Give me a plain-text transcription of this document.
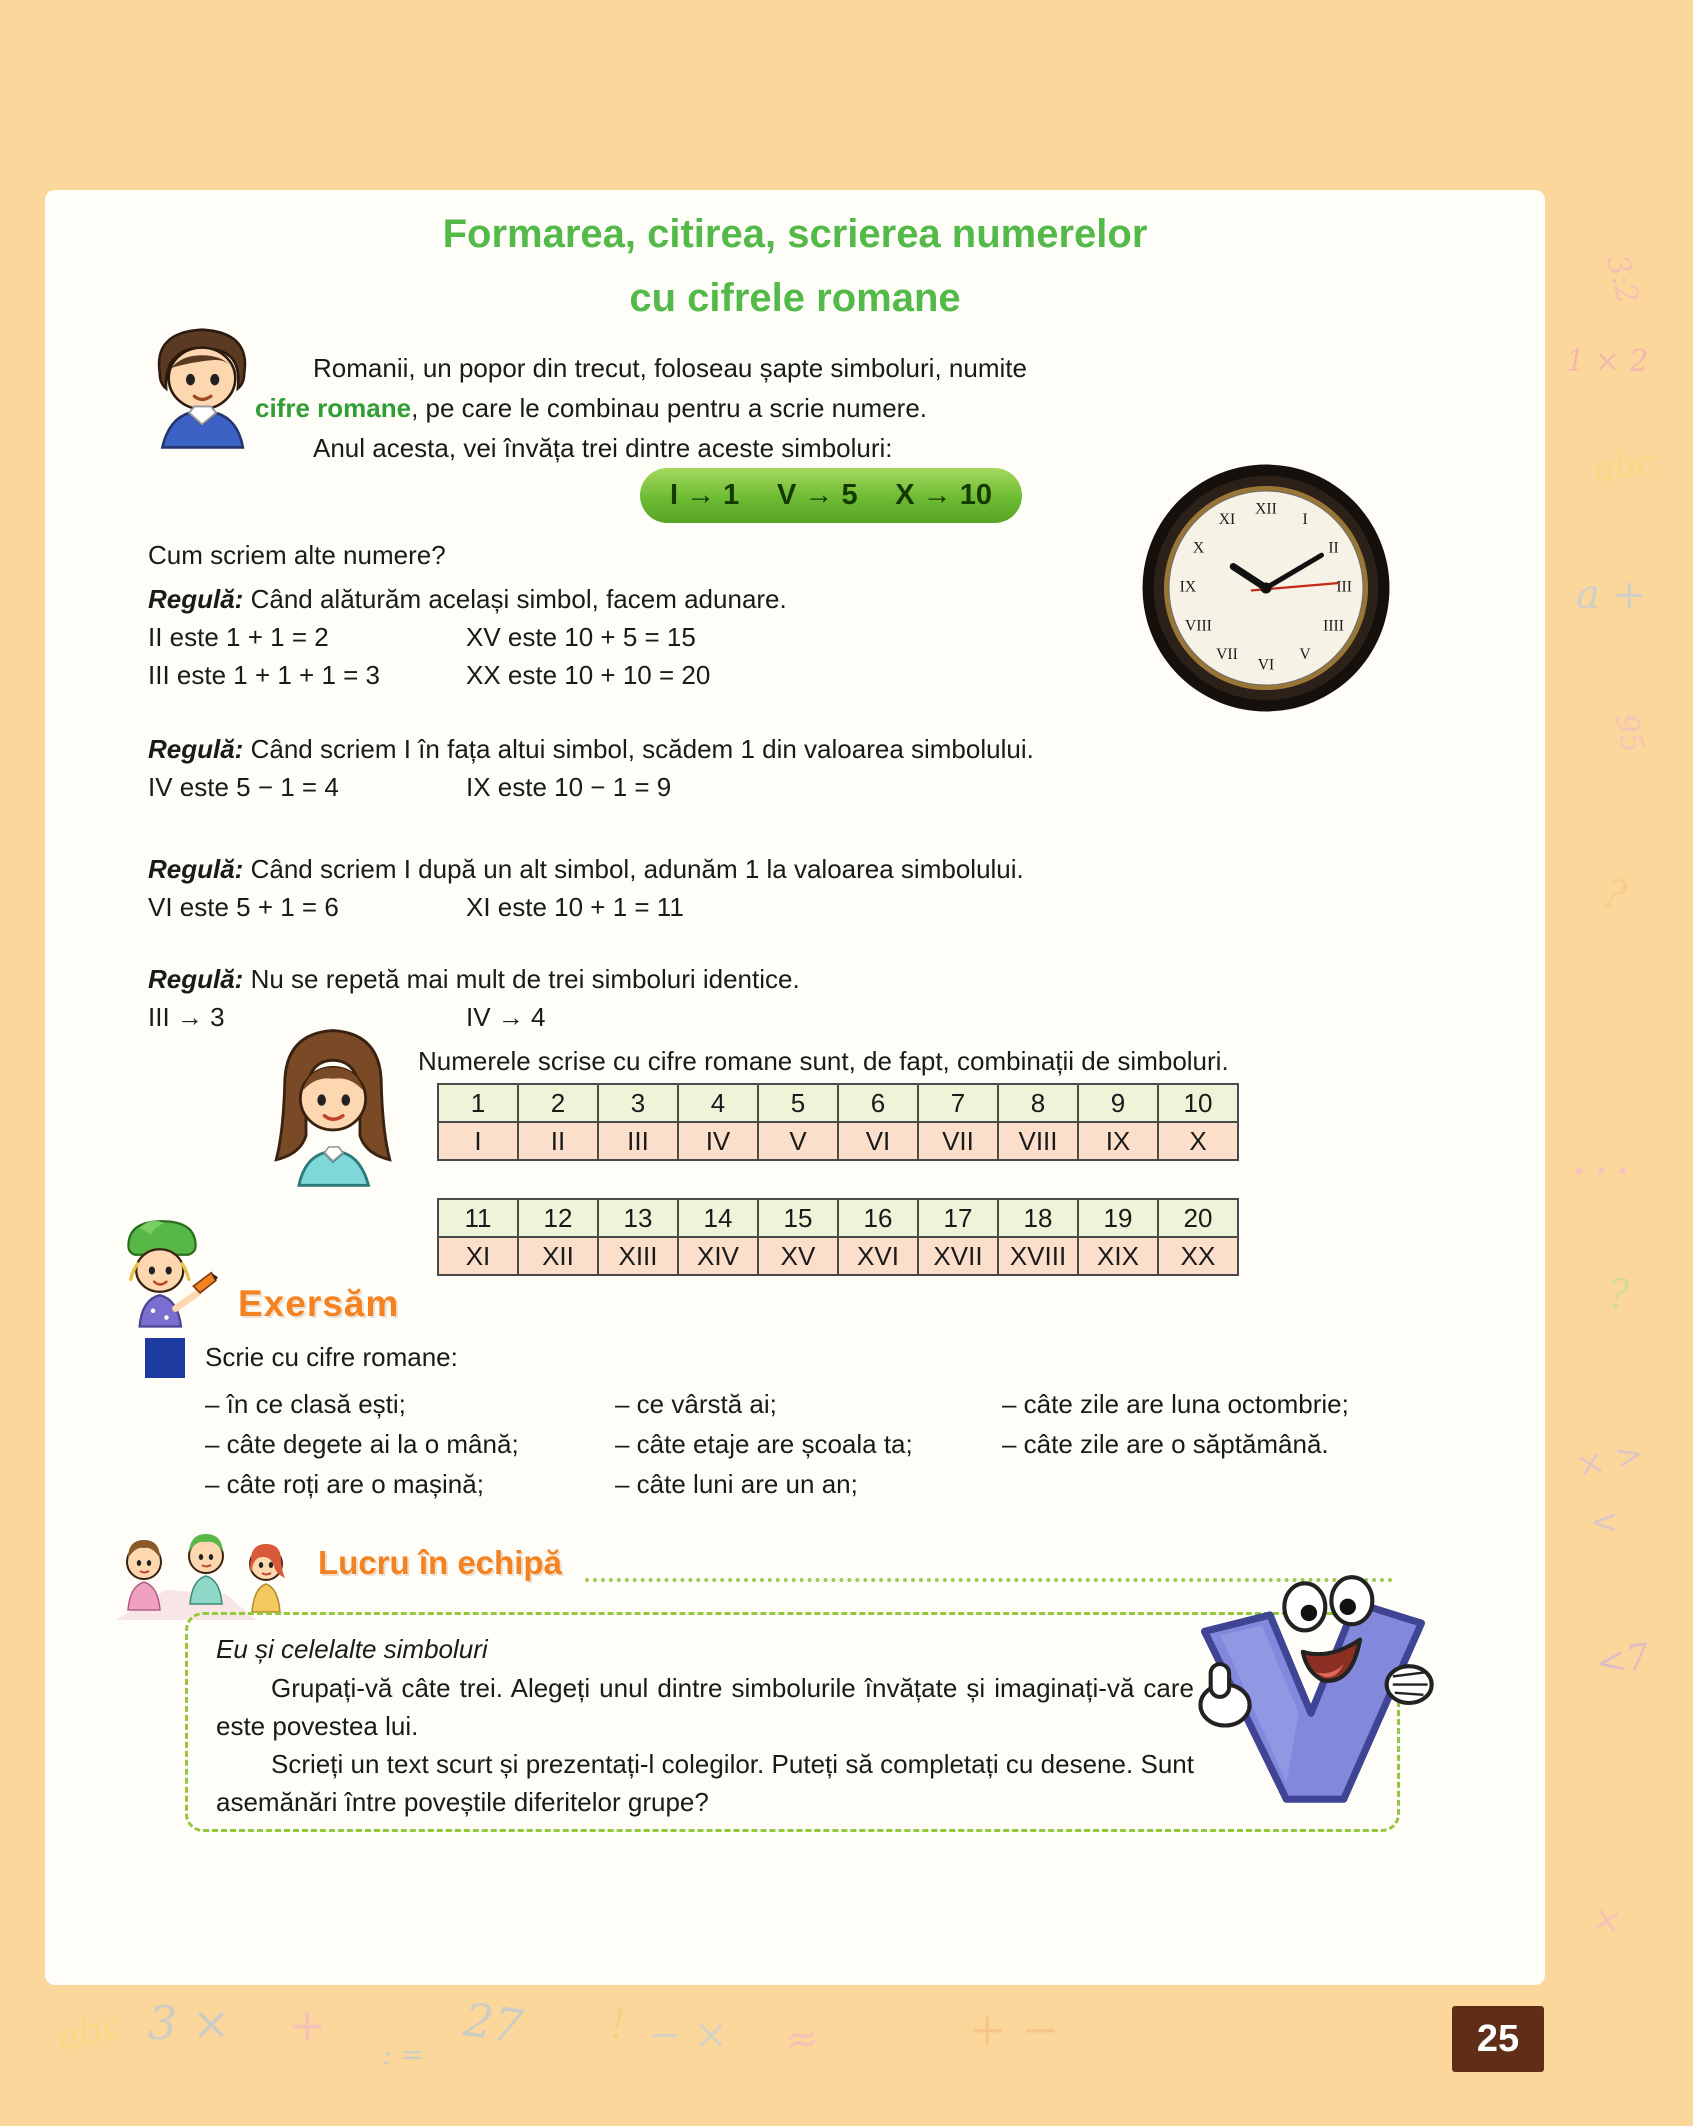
Formarea, citirea, scrierea numerelor
cu cifrele romane

Romanii, un popor din trecut, foloseau șapte simboluri, numite

cifre romane, pe care le combinau pentru a scrie numere.

Anul acesta, vei învăța trei dintre aceste simboluri:

I → 1 V → 5 X → 10	XII
I
II
III
IIII
V
VI
VII
VIII
IX
X
XI

Cum scriem alte numere?

Regulă: Când alăturăm același simbol, facem adunare.

II este 1 + 1 = 2	XV este 10 + 5 = 15

III este 1 + 1 + 1 = 3	XX este 10 + 10 = 20

Regulă: Când scriem I în fața altui simbol, scădem 1 din valoarea simbolului.

IV este 5 − 1 = 4	IX este 10 − 1 = 9

Regulă: Când scriem I după un alt simbol, adunăm 1 la valoarea simbolului.

VI este 5 + 1 = 6	XI este 10 + 1 = 11

Regulă: Nu se repetă mai mult de trei simboluri identice.

III → 3	IV → 4

Numerele scrise cu cifre romane sunt, de fapt, combinații de simboluri.

1	2	3	4	5	6	7	8	9	10
I	II	III	IV	V	VI	VII	VIII	IX	X
11	12	13	14	15	16	17	18	19	20
XI	XII	XIII	XIV	XV	XVI	XVII	XVIII	XIX	XX
Exersăm

Scrie cu cifre romane:

– în ce clasă ești;

– câte degete ai la o mână;

– câte roți are o mașină;

– ce vârstă ai;

– câte etaje are școala ta;

– câte luni are un an;

– câte zile are luna octombrie;

– câte zile are o săptămână.

Lucru în echipă

Eu și celelalte simboluri

Grupați-vă câte trei. Alegeți unul dintre simbolurile învățate și imaginați-vă care este povestea lui.

Scrieți un text scurt și prezentați-l colegilor. Puteți să completați cu desene. Sunt asemănări între poveștile diferitelor grupe?

25
3:2
1 × 2
abc
a +
95
?
• • •
?
× >
<
<7
×
abc 3 × +
: =
27 ! − × ≈	+ −
